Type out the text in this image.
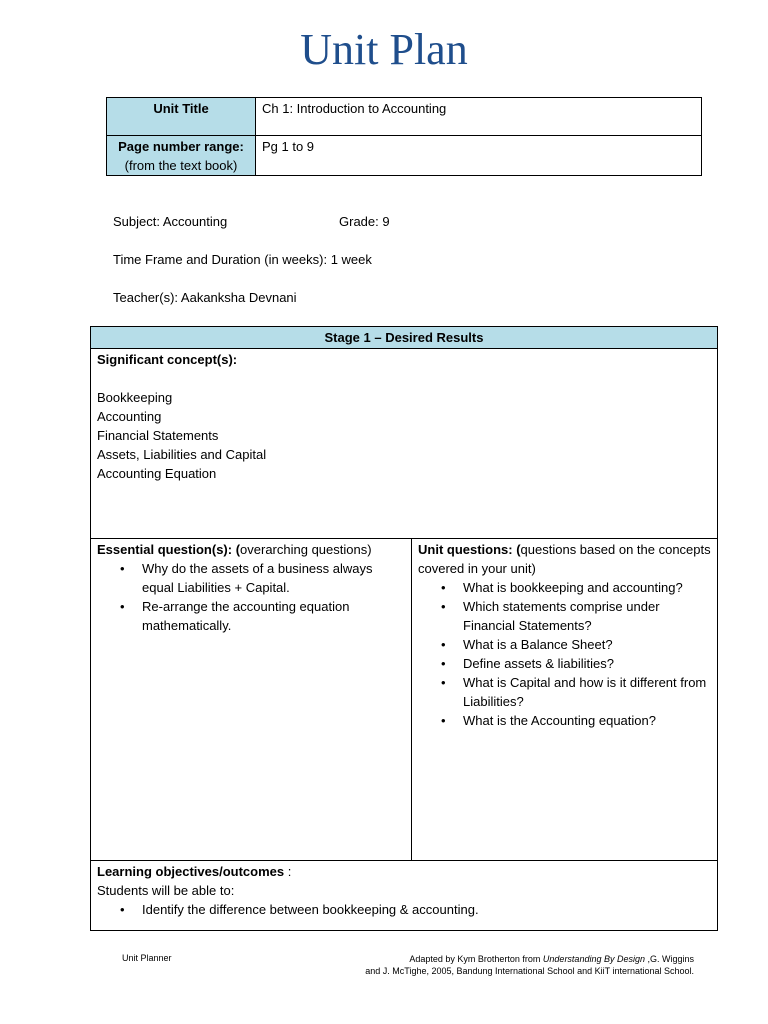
Unit Plan
Unit Title	Ch 1: Introduction to Accounting
Page number range:
(from the text book)	Pg 1 to 9
Subject: Accounting	Grade: 9
Time Frame and Duration (in weeks): 1 week
Teacher(s): Aakanksha Devnani
Stage 1 – Desired Results

Significant concept(s):
Bookkeeping
Accounting
Financial Statements
Assets, Liabilities and Capital
Accounting Equation

Essential question(s): (overarching questions)
• Why do the assets of a business always equal Liabilities + Capital.
• Re-arrange the accounting equation mathematically.

Unit questions: (questions based on the concepts covered in your unit)
• What is bookkeeping and accounting?
• Which statements comprise under Financial Statements?
• What is a Balance Sheet?
• Define assets & liabilities?
• What is Capital and how is it different from Liabilities?
• What is the Accounting equation?

Learning objectives/outcomes :
Students will be able to:
• Identify the difference between bookkeeping & accounting.
Unit Planner	Adapted by Kym Brotherton from Understanding By Design ,G. Wiggins
and J. McTighe, 2005, Bandung International School and KiiT international School.
